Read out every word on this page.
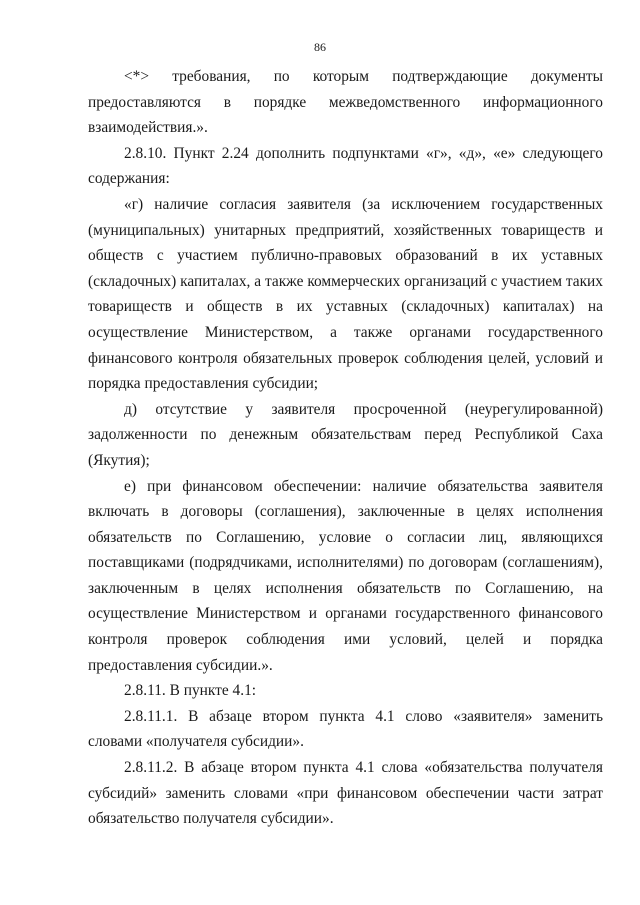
86

<*> требования, по которым подтверждающие документы предоставляются в порядке межведомственного информационного взаимодействия.».

2.8.10. Пункт 2.24 дополнить подпунктами «г», «д», «е» следующего содержания:

«г) наличие согласия заявителя (за исключением государственных (муниципальных) унитарных предприятий, хозяйственных товариществ и обществ с участием публично-правовых образований в их уставных (складочных) капиталах, а также коммерческих организаций с участием таких товариществ и обществ в их уставных (складочных) капиталах) на осуществление Министерством, а также органами государственного финансового контроля обязательных проверок соблюдения целей, условий и порядка предоставления субсидии;

д) отсутствие у заявителя просроченной (неурегулированной) задолженности по денежным обязательствам перед Республикой Саха (Якутия);

е) при финансовом обеспечении: наличие обязательства заявителя включать в договоры (соглашения), заключенные в целях исполнения обязательств по Соглашению, условие о согласии лиц, являющихся поставщиками (подрядчиками, исполнителями) по договорам (соглашениям), заключенным в целях исполнения обязательств по Соглашению, на осуществление Министерством и органами государственного финансового контроля проверок соблюдения ими условий, целей и порядка предоставления субсидии.».

2.8.11. В пункте 4.1:

2.8.11.1. В абзаце втором пункта 4.1 слово «заявителя» заменить словами «получателя субсидии».

2.8.11.2. В абзаце втором пункта 4.1 слова «обязательства получателя субсидий» заменить словами «при финансовом обеспечении части затрат обязательство получателя субсидии».
